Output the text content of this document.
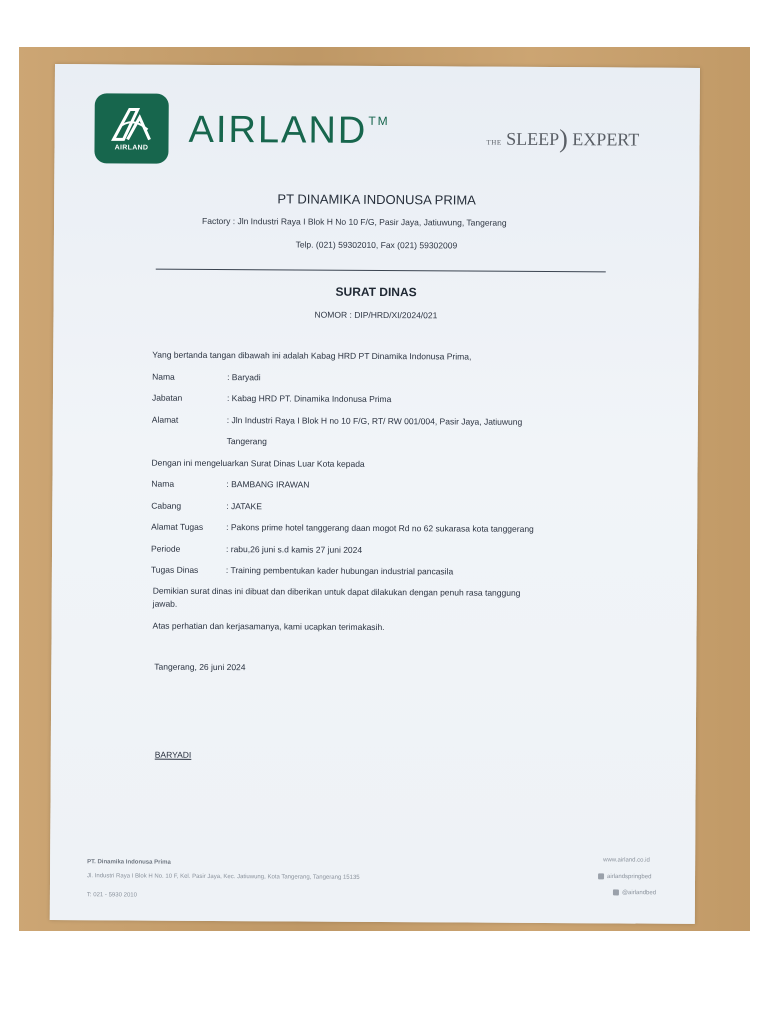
AIRLAND	AIRLAND™
THE SLEEP) EXPERT
PT DINAMIKA INDONUSA PRIMA
Factory : Jln Industri Raya I Blok H No 10 F/G, Pasir Jaya, Jatiuwung, Tangerang
Telp. (021) 59302010, Fax (021) 59302009
SURAT DINAS
NOMOR : DIP/HRD/XI/2024/021
Yang bertanda tangan dibawah ini adalah Kabag HRD PT Dinamika Indonusa Prima,
Nama	: Baryadi
Jabatan	: Kabag HRD PT. Dinamika Indonusa Prima
Alamat	: Jln Industri Raya I Blok H no 10 F/G, RT/ RW 001/004, Pasir Jaya, Jatiuwung
Tangerang
Dengan ini mengeluarkan Surat Dinas Luar Kota kepada
Nama	: BAMBANG IRAWAN
Cabang	: JATAKE
Alamat Tugas	: Pakons prime hotel tanggerang daan mogot Rd no 62 sukarasa kota tanggerang
Periode	: rabu,26 juni s.d kamis 27 juni 2024
Tugas Dinas	: Training pembentukan kader hubungan industrial pancasila
Demikian surat dinas ini dibuat dan diberikan untuk dapat dilakukan dengan penuh rasa tanggung
jawab.
Atas perhatian dan kerjasamanya, kami ucapkan terimakasih.
Tangerang, 26 juni 2024
BARYADI
PT. Dinamika Indonusa Prima
Jl. Industri Raya I Blok H No. 10 F, Kel. Pasir Jaya, Kec. Jatiuwung, Kota Tangerang, Tangerang 15135
T: 021 - 5930 2010
www.airland.co.id
airlandspringbed
@airlandbed
